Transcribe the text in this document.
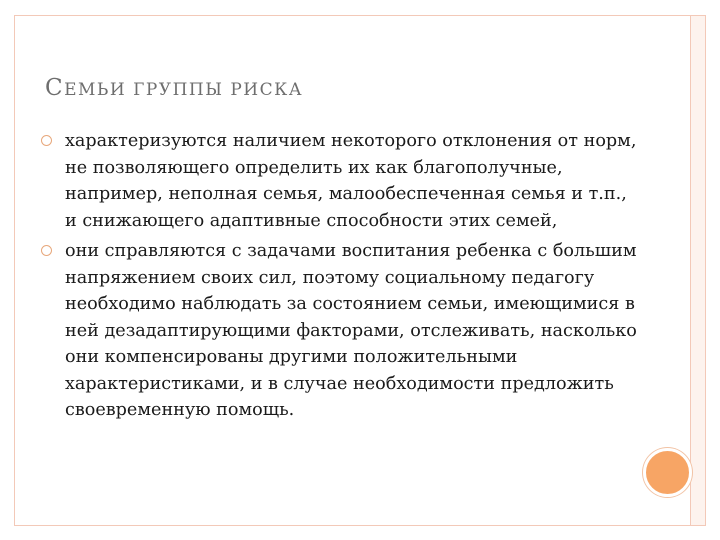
СЕМЬИ ГРУППЫ РИСКА
характеризуются наличием некоторого отклонения от норм, не позволяющего определить их как благополучные, например, неполная семья, малообеспеченная семья и т.п., и снижающего адаптивные способности этих семей,
они справляются с задачами воспитания ребенка с большим напряжением своих сил, поэтому социальному педагогу необходимо наблюдать за состоянием семьи, имеющимися в ней дезадаптирующими факторами, отслеживать, насколько они компенсированы другими положительными характеристиками, и в случае необходимости предложить своевременную помощь.
